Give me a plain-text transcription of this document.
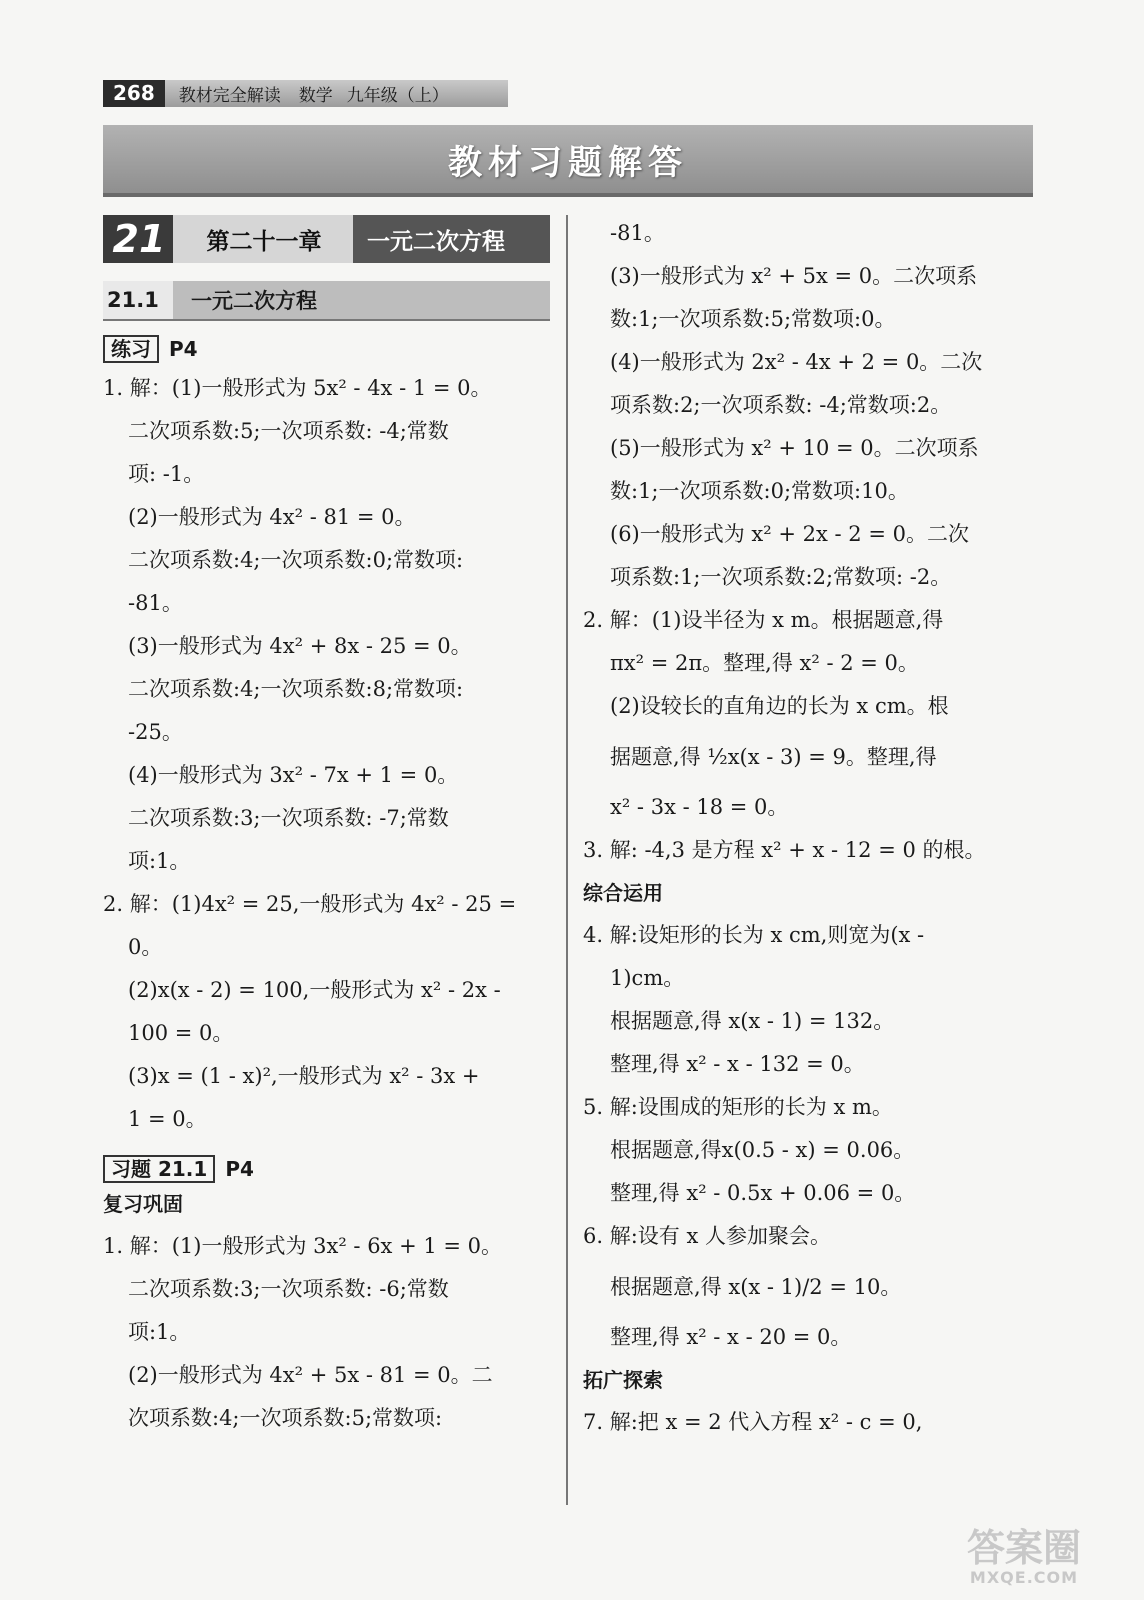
268	教材完全解读 数学 九年级（上）
教材习题解答
21	第二十一章	一元二次方程
21.1	一元二次方程
练习 P4
1. 解：(1)一般形式为 5x² - 4x - 1 = 0。
二次项系数:5;一次项系数: -4;常数
项: -1。
(2)一般形式为 4x² - 81 = 0。
二次项系数:4;一次项系数:0;常数项:
-81。
(3)一般形式为 4x² + 8x - 25 = 0。
二次项系数:4;一次项系数:8;常数项:
-25。
(4)一般形式为 3x² - 7x + 1 = 0。
二次项系数:3;一次项系数: -7;常数
项:1。
2. 解：(1)4x² = 25,一般形式为 4x² - 25 =
0。
(2)x(x - 2) = 100,一般形式为 x² - 2x -
100 = 0。
(3)x = (1 - x)²,一般形式为 x² - 3x +
1 = 0。
习题 21.1 P4
复习巩固
1. 解：(1)一般形式为 3x² - 6x + 1 = 0。
二次项系数:3;一次项系数: -6;常数
项:1。
(2)一般形式为 4x² + 5x - 81 = 0。二
次项系数:4;一次项系数:5;常数项:
-81。
(3)一般形式为 x² + 5x = 0。二次项系
数:1;一次项系数:5;常数项:0。
(4)一般形式为 2x² - 4x + 2 = 0。二次
项系数:2;一次项系数: -4;常数项:2。
(5)一般形式为 x² + 10 = 0。二次项系
数:1;一次项系数:0;常数项:10。
(6)一般形式为 x² + 2x - 2 = 0。二次
项系数:1;一次项系数:2;常数项: -2。
2. 解：(1)设半径为 x m。根据题意,得
πx² = 2π。整理,得 x² - 2 = 0。
(2)设较长的直角边的长为 x cm。根
据题意,得 ½x(x - 3) = 9。整理,得
x² - 3x - 18 = 0。
3. 解: -4,3 是方程 x² + x - 12 = 0 的根。
综合运用
4. 解:设矩形的长为 x cm,则宽为(x -
1)cm。
根据题意,得 x(x - 1) = 132。
整理,得 x² - x - 132 = 0。
5. 解:设围成的矩形的长为 x m。
根据题意,得x(0.5 - x) = 0.06。
整理,得 x² - 0.5x + 0.06 = 0。
6. 解:设有 x 人参加聚会。
根据题意,得 x(x - 1)/2 = 10。
整理,得 x² - x - 20 = 0。
拓广探索
7. 解:把 x = 2 代入方程 x² - c = 0,
答案圈
MXQE.COM
